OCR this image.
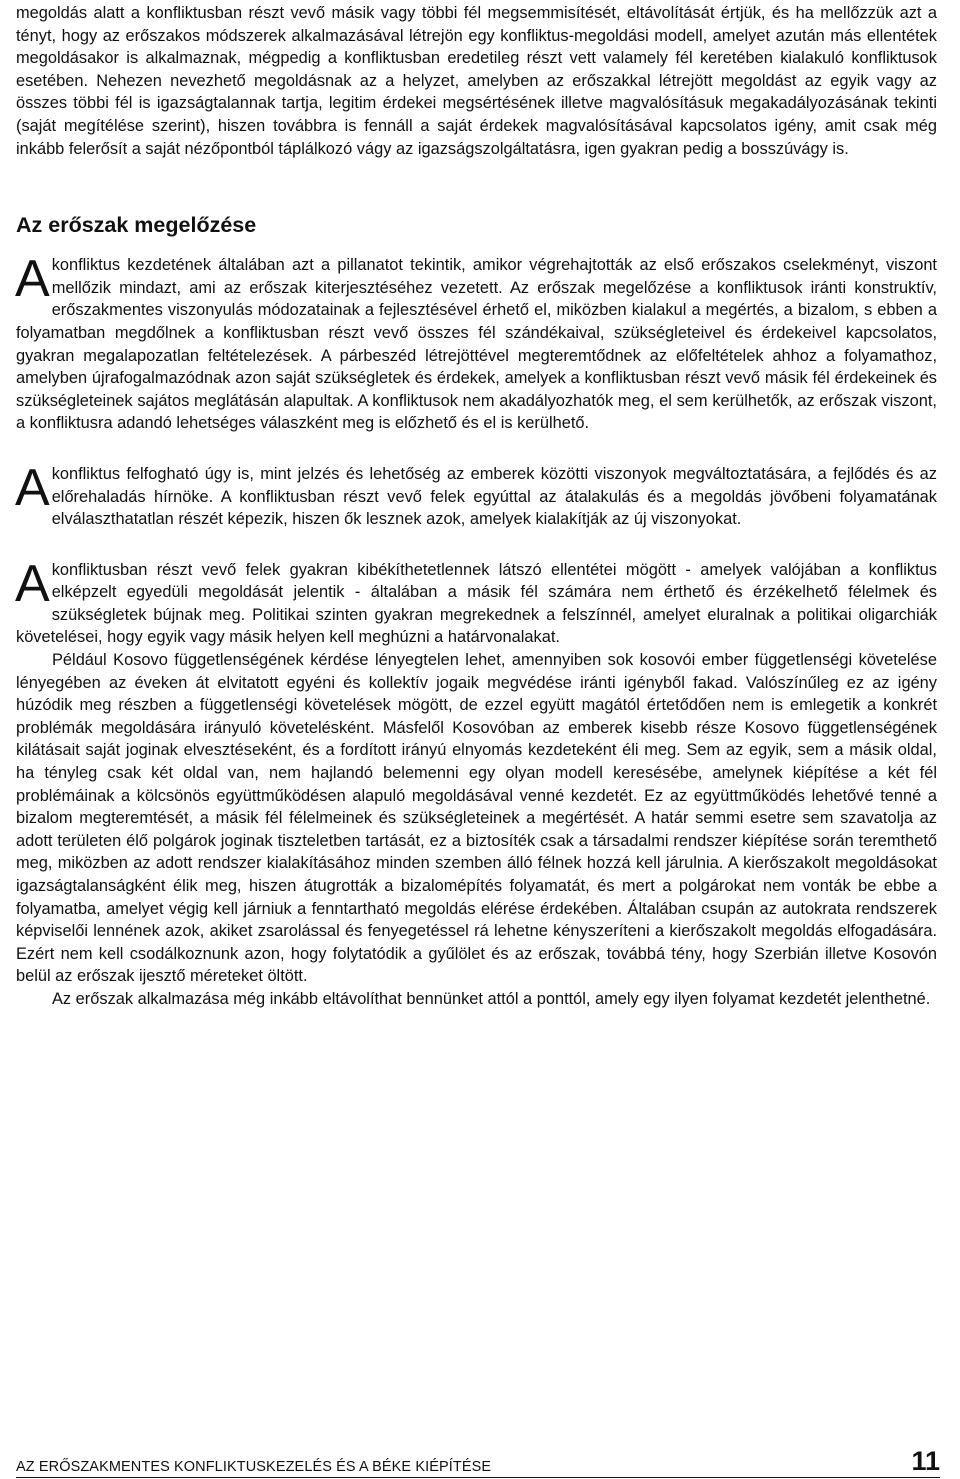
megoldás alatt a konfliktusban részt vevő másik vagy többi fél megsemmisítését, eltávolítását értjük, és ha mellőzzük azt a tényt, hogy az erőszakos módszerek alkalmazásával létrejön egy konfliktus-megoldási modell, amelyet azután más ellentétek megoldásakor is alkalmaznak, mégpedig a konfliktusban eredetileg részt vett valamely fél keretében kialakuló konfliktusok esetében. Nehezen nevezhető megoldásnak az a helyzet, amelyben az erőszakkal létrejött megoldást az egyik vagy az összes többi fél is igazságtalannak tartja, legitim érdekei megsértésének illetve magvalósításuk megakadályozásának tekinti (saját megítélése szerint), hiszen továbbra is fennáll a saját érdekek magvalósításával kapcsolatos igény, amit csak még inkább felerősít a saját nézőpontból táplálkozó vágy az igazságszolgáltatásra, igen gyakran pedig a bosszúvágy is.

Az erőszak megelőzése

Akonfliktus kezdetének általában azt a pillanatot tekintik, amikor végrehajtották az első erőszakos cselekményt, viszont mellőzik mindazt, ami az erőszak kiterjesztéséhez vezetett. Az erőszak megelőzése a konfliktusok iránti konstruktív, erőszakmentes viszonyulás módozatainak a fejlesztésével érhető el, miközben kialakul a megértés, a bizalom, s ebben a folyamatban megdőlnek a konfliktusban részt vevő összes fél szándékaival, szükségleteivel és érdekeivel kapcsolatos, gyakran megalapozatlan feltételezések. A párbeszéd létrejöttével megteremtődnek az előfeltételek ahhoz a folyamathoz, amelyben újrafogalmazódnak azon saját szükségletek és érdekek, amelyek a konfliktusban részt vevő másik fél érdekeinek és szükségleteinek sajátos meglátásán alapultak. A konfliktusok nem akadályozhatók meg, el sem kerülhetők, az erőszak viszont, a konfliktusra adandó lehetséges válaszként meg is előzhető és el is kerülhető.

Akonfliktus felfogható úgy is, mint jelzés és lehetőség az emberek közötti viszonyok megváltoztatására, a fejlődés és az előrehaladás hírnöke. A konfliktusban részt vevő felek egyúttal az átalakulás és a megoldás jövőbeni folyamatának elválaszthatatlan részét képezik, hiszen ők lesznek azok, amelyek kialakítják az új viszonyokat.

Akonfliktusban részt vevő felek gyakran kibékíthetetlennek látszó ellentétei mögött - amelyek valójában a konfliktus elképzelt egyedüli megoldását jelentik - általában a másik fél számára nem érthető és érzékelhető félelmek és szükségletek bújnak meg. Politikai szinten gyakran megrekednek a felszínnél, amelyet eluralnak a politikai oligarchiák követelései, hogy egyik vagy másik helyen kell meghúzni a határvonalakat.

Például Kosovo függetlenségének kérdése lényegtelen lehet, amennyiben sok kosovói ember függetlenségi követelése lényegében az éveken át elvitatott egyéni és kollektív jogaik megvédése iránti igényből fakad. Valószínűleg ez az igény húzódik meg részben a függetlenségi követelések mögött, de ezzel együtt magától értetődően nem is emlegetik a konkrét problémák megoldására irányuló követelésként. Másfelől Kosovóban az emberek kisebb része Kosovo függetlenségének kilátásait saját joginak elvesztéseként, és a fordított irányú elnyomás kezdeteként éli meg. Sem az egyik, sem a másik oldal, ha tényleg csak két oldal van, nem hajlandó belemenni egy olyan modell keresésébe, amelynek kiépítése a két fél problémáinak a kölcsönös együttműködésen alapuló megoldásával venné kezdetét. Ez az együttműködés lehetővé tenné a bizalom megteremtését, a másik fél félelmeinek és szükségleteinek a megértését. A határ semmi esetre sem szavatolja az adott területen élő polgárok joginak tiszteletben tartását, ez a biztosíték csak a társadalmi rendszer kiépítése során teremthető meg, miközben az adott rendszer kialakításához minden szemben álló félnek hozzá kell járulnia. A kierőszakolt megoldásokat igazságtalanságként élik meg, hiszen átugrották a bizalomépítés folyamatát, és mert a polgárokat nem vonták be ebbe a folyamatba, amelyet végig kell járniuk a fenntartható megoldás elérése érdekében. Általában csupán az autokrata rendszerek képviselői lennének azok, akiket zsarolással és fenyegetéssel rá lehetne kényszeríteni a kierőszakolt megoldás elfogadására. Ezért nem kell csodálkoznunk azon, hogy folytatódik a gyűlölet és az erőszak, továbbá tény, hogy Szerbián illetve Kosovón belül az erőszak ijesztő méreteket öltött.

Az erőszak alkalmazása még inkább eltávolíthat bennünket attól a ponttól, amely egy ilyen folyamat kezdetét jelenthetné.

AZ ERŐSZAKMENTES KONFLIKTUSKEZELÉS ÉS A BÉKE KIÉPÍTÉSE	11
